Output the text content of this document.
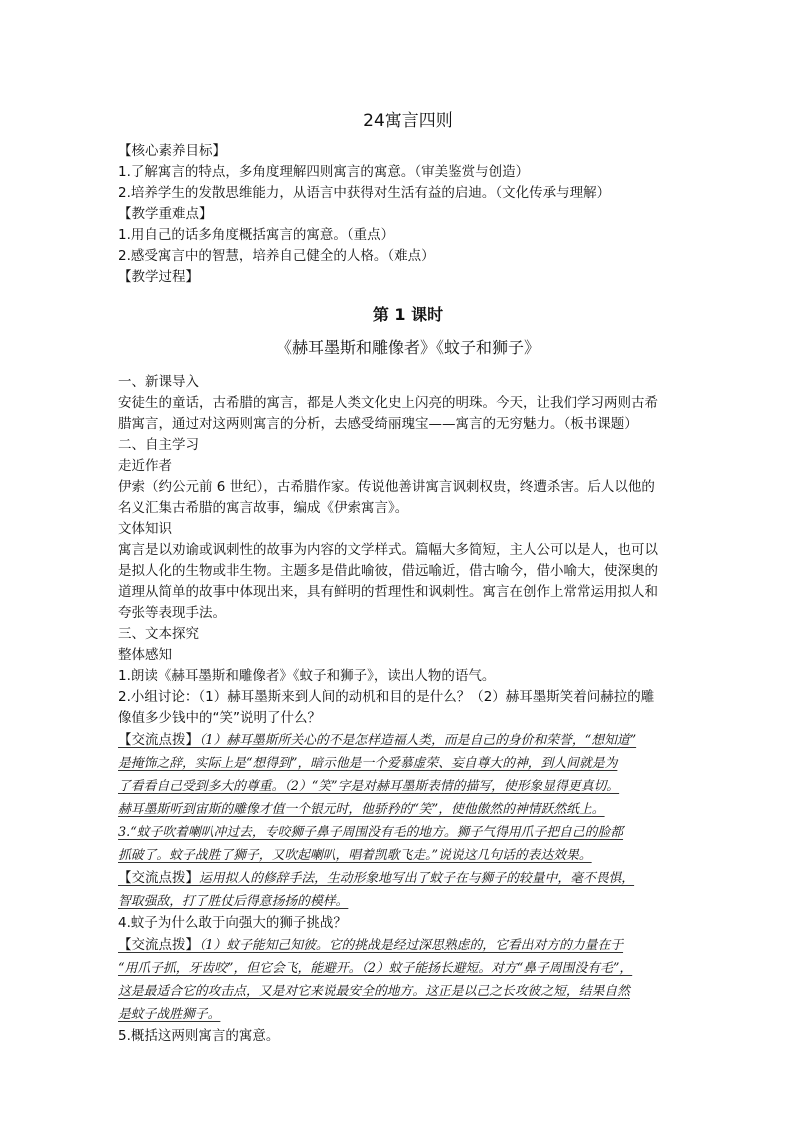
24寓言四则

【核心素养目标】

1.了解寓言的特点，多角度理解四则寓言的寓意。（审美鉴赏与创造）

2.培养学生的发散思维能力，从语言中获得对生活有益的启迪。（文化传承与理解）

【教学重难点】

1.用自己的话多角度概括寓言的寓意。（重点）

2.感受寓言中的智慧，培养自己健全的人格。（难点）

【教学过程】

第 1 课时
《赫耳墨斯和雕像者》《蚊子和狮子》

一、新课导入

安徒生的童话，古希腊的寓言，都是人类文化史上闪亮的明珠。今天，让我们学习两则古希

腊寓言，通过对这两则寓言的分析，去感受绮丽瑰宝——寓言的无穷魅力。（板书课题）

二、自主学习

走近作者

伊索（约公元前 6 世纪），古希腊作家。传说他善讲寓言讽刺权贵，终遭杀害。后人以他的

名义汇集古希腊的寓言故事，编成《伊索寓言》。

文体知识

寓言是以劝谕或讽刺性的故事为内容的文学样式。篇幅大多简短，主人公可以是人，也可以

是拟人化的生物或非生物。主题多是借此喻彼，借远喻近，借古喻今，借小喻大，使深奥的

道理从简单的故事中体现出来，具有鲜明的哲理性和讽刺性。寓言在创作上常常运用拟人和

夸张等表现手法。

三、文本探究

整体感知

1.朗读《赫耳墨斯和雕像者》《蚊子和狮子》，读出人物的语气。

2.小组讨论：（1）赫耳墨斯来到人间的动机和目的是什么？（2）赫耳墨斯笑着问赫拉的雕

像值多少钱中的“笑”说明了什么？

【交流点拨】（1）赫耳墨斯所关心的不是怎样造福人类，而是自己的身价和荣誉，“想知道”

是掩饰之辞，实际上是“想得到”，暗示他是一个爱慕虚荣、妄自尊大的神，到人间就是为

了看看自己受到多大的尊重。（2）“笑”字是对赫耳墨斯表情的描写，使形象显得更真切。

赫耳墨斯听到宙斯的雕像才值一个银元时，他骄矜的“笑”，使他傲然的神情跃然纸上。

3.“蚊子吹着喇叭冲过去，专咬狮子鼻子周围没有毛的地方。狮子气得用爪子把自己的脸都

抓破了。蚊子战胜了狮子，又吹起喇叭，唱着凯歌飞走。”说说这几句话的表达效果。

【交流点拨】运用拟人的修辞手法，生动形象地写出了蚊子在与狮子的较量中，毫不畏惧，

智取强敌，打了胜仗后得意扬扬的模样。

4.蚊子为什么敢于向强大的狮子挑战？

【交流点拨】（1）蚊子能知己知彼。它的挑战是经过深思熟虑的，它看出对方的力量在于

“用爪子抓，牙齿咬”，但它会飞，能避开。（2）蚊子能扬长避短。对方“鼻子周围没有毛”，

这是最适合它的攻击点，又是对它来说最安全的地方。这正是以己之长攻彼之短，结果自然

是蚊子战胜狮子。

5.概括这两则寓言的寓意。
